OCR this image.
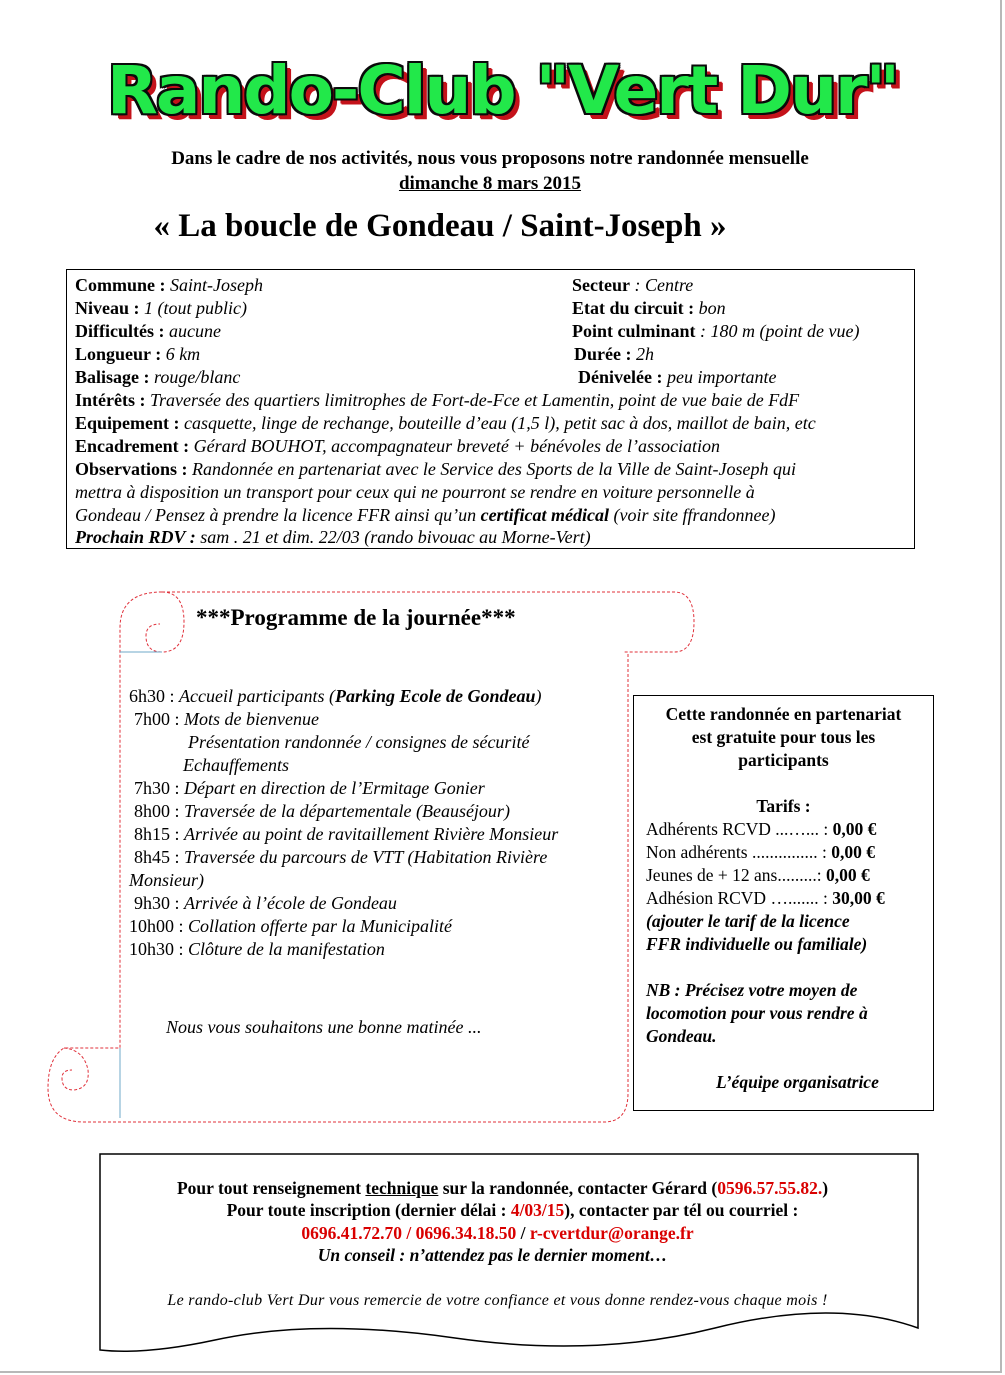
Rando-Club "Vert Dur"
Dans le cadre de nos activités, nous vous proposons notre randonnée mensuelle
dimanche 8 mars 2015
« La boucle de Gondeau / Saint-Joseph »
Commune : Saint-Joseph	Secteur : Centre
Niveau : 1 (tout public)	Etat du circuit : bon
Difficultés : aucune	Point culminant : 180 m (point de vue)
Longueur : 6 km	Durée : 2h
Balisage : rouge/blanc	Dénivelée : peu importante
Intérêts : Traversée des quartiers limitrophes de Fort-de-Fce et Lamentin, point de vue baie de FdF
Equipement : casquette, linge de rechange, bouteille d’eau (1,5 l), petit sac à dos, maillot de bain, etc
Encadrement : Gérard BOUHOT, accompagnateur breveté + bénévoles de l’association
Observations : Randonnée en partenariat avec le Service des Sports de la Ville de Saint-Joseph qui
mettra à disposition un transport pour ceux qui ne pourront se rendre en voiture personnelle à
Gondeau / Pensez à prendre la licence FFR ainsi qu’un certificat médical (voir site ffrandonnee)
Prochain RDV : sam . 21 et dim. 22/03 (rando bivouac au Morne-Vert)
***Programme de la journée***
6h30 : Accueil participants (Parking Ecole de Gondeau)
7h00 : Mots de bienvenue
Présentation randonnée / consignes de sécurité
Echauffements
7h30 : Départ en direction de l’Ermitage Gonier
8h00 : Traversée de la départementale (Beauséjour)
8h15 : Arrivée au point de ravitaillement Rivière Monsieur
8h45 : Traversée du parcours de VTT (Habitation Rivière
Monsieur)
9h30 : Arrivée à l’école de Gondeau
10h00 : Collation offerte par la Municipalité
10h30 : Clôture de la manifestation
Nous vous souhaitons une bonne matinée ...
Cette randonnée en partenariat
est gratuite pour tous les
participants
Tarifs :
Adhérents RCVD ...…... : 0,00 €
Non adhérents ............... : 0,00 €
Jeunes de + 12 ans.........: 0,00 €
Adhésion RCVD …....... : 30,00 €
(ajouter le tarif de la licence
FFR individuelle ou familiale)
NB : Précisez votre moyen de
locomotion pour vous rendre à
Gondeau.
L’équipe organisatrice
Pour tout renseignement technique sur la randonnée, contacter Gérard (0596.57.55.82.)
Pour toute inscription (dernier délai : 4/03/15), contacter par tél ou courriel :
0696.41.72.70 / 0696.34.18.50 / r-cvertdur@orange.fr
Un conseil : n’attendez pas le dernier moment…
Le rando-club Vert Dur vous remercie de votre confiance et vous donne rendez-vous chaque mois !
